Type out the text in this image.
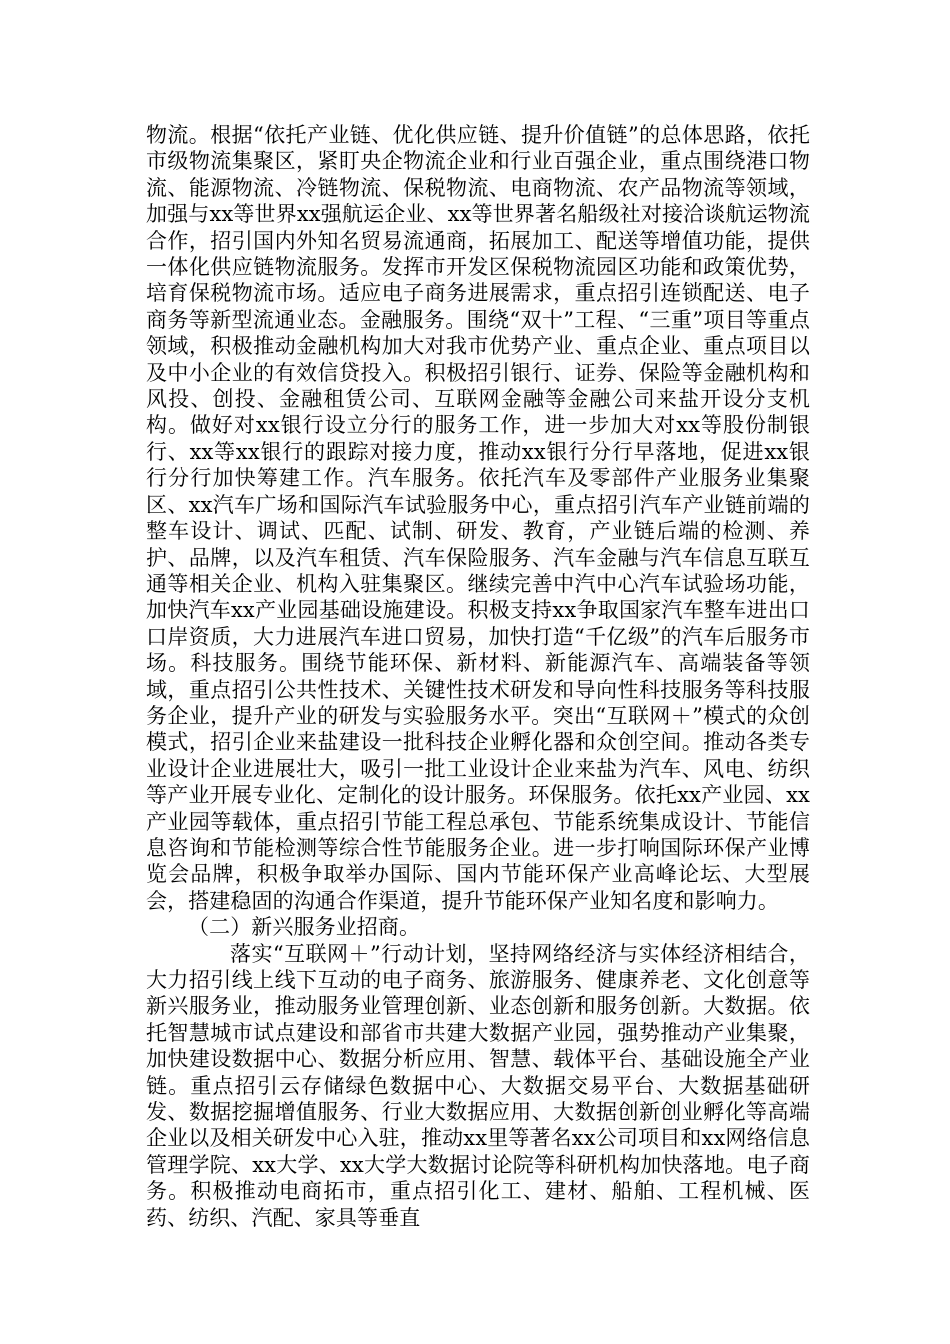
物流。根据“依托产业链、优化供应链、提升价值链”的总体思路，依托市级物流集聚区，紧盯央企物流企业和行业百强企业，重点围绕港口物流、能源物流、冷链物流、保税物流、电商物流、农产品物流等领域，加强与xx等世界xx强航运企业、xx等世界著名船级社对接洽谈航运物流合作，招引国内外知名贸易流通商，拓展加工、配送等增值功能，提供一体化供应链物流服务。发挥市开发区保税物流园区功能和政策优势，培育保税物流市场。适应电子商务进展需求，重点招引连锁配送、电子商务等新型流通业态。金融服务。围绕“双十”工程、“三重”项目等重点领域，积极推动金融机构加大对我市优势产业、重点企业、重点项目以及中小企业的有效信贷投入。积极招引银行、证券、保险等金融机构和风投、创投、金融租赁公司、互联网金融等金融公司来盐开设分支机构。做好对xx银行设立分行的服务工作，进一步加大对xx等股份制银行、xx等xx银行的跟踪对接力度，推动xx银行分行早落地，促进xx银行分行加快筹建工作。汽车服务。依托汽车及零部件产业服务业集聚区、xx汽车广场和国际汽车试验服务中心，重点招引汽车产业链前端的整车设计、调试、匹配、试制、研发、教育，产业链后端的检测、养护、品牌，以及汽车租赁、汽车保险服务、汽车金融与汽车信息互联互通等相关企业、机构入驻集聚区。继续完善中汽中心汽车试验场功能，加快汽车xx产业园基础设施建设。积极支持xx争取国家汽车整车进出口口岸资质，大力进展汽车进口贸易，加快打造“千亿级”的汽车后服务市场。科技服务。围绕节能环保、新材料、新能源汽车、高端装备等领域，重点招引公共性技术、关键性技术研发和导向性科技服务等科技服务企业，提升产业的研发与实验服务水平。突出“互联网＋”模式的众创模式，招引企业来盐建设一批科技企业孵化器和众创空间。推动各类专业设计企业进展壮大，吸引一批工业设计企业来盐为汽车、风电、纺织等产业开展专业化、定制化的设计服务。环保服务。依托xx产业园、xx产业园等载体，重点招引节能工程总承包、节能系统集成设计、节能信息咨询和节能检测等综合性节能服务企业。进一步打响国际环保产业博览会品牌，积极争取举办国际、国内节能环保产业高峰论坛、大型展会，搭建稳固的沟通合作渠道，提升节能环保产业知名度和影响力。

（二）新兴服务业招商。

落实“互联网＋”行动计划，坚持网络经济与实体经济相结合，大力招引线上线下互动的电子商务、旅游服务、健康养老、文化创意等新兴服务业，推动服务业管理创新、业态创新和服务创新。大数据。依托智慧城市试点建设和部省市共建大数据产业园，强势推动产业集聚，加快建设数据中心、数据分析应用、智慧、载体平台、基础设施全产业链。重点招引云存储绿色数据中心、大数据交易平台、大数据基础研发、数据挖掘增值服务、行业大数据应用、大数据创新创业孵化等高端企业以及相关研发中心入驻，推动xx里等著名xx公司项目和xx网络信息管理学院、xx大学、xx大学大数据讨论院等科研机构加快落地。电子商务。积极推动电商拓市，重点招引化工、建材、船舶、工程机械、医药、纺织、汽配、家具等垂直
